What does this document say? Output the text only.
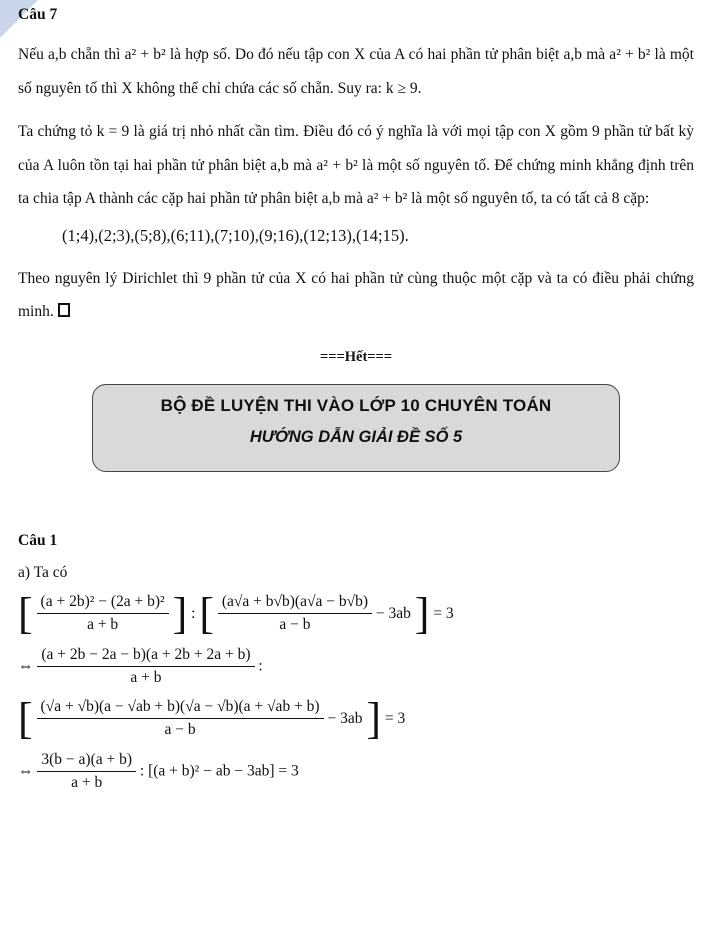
Câu 7

Nếu a,b chẵn thì a² + b² là hợp số. Do đó nếu tập con X của A có hai phần tử phân biệt a,b mà a² + b² là một số nguyên tố thì X không thể chỉ chứa các số chẵn. Suy ra: k ≥ 9.

Ta chứng tỏ k = 9 là giá trị nhỏ nhất cần tìm. Điều đó có ý nghĩa là với mọi tập con X gồm 9 phần tử bất kỳ của A luôn tồn tại hai phần tử phân biệt a,b mà a² + b² là một số nguyên tố. Để chứng minh khẳng định trên ta chia tập A thành các cặp hai phần tử phân biệt a,b mà a² + b² là một số nguyên tố, ta có tất cả 8 cặp:

(1;4),(2;3),(5;8),(6;11),(7;10),(9;16),(12;13),(14;15).

Theo nguyên lý Dirichlet thì 9 phần tử của X có hai phần tử cùng thuộc một cặp và ta có điều phải chứng minh.

===Hết===
BỘ ĐỀ LUYỆN THI VÀO LỚP 10 CHUYÊN TOÁN
HƯỚNG DẪN GIẢI ĐỀ SỐ 5
Câu 1
a) Ta có
[ $\frac{\text{(a + 2b)² − (2a + b)²}}{a + b}$ ] : [ $\frac{(a√a + b√b)(a√a - b√b)}{a - b} - 3ab$ ] = 3
⇔ $\frac{(a + 2b - 2a - b)(a + 2b + 2a + b)}{a + b}$ :
[ $\frac{(√a + √b)(a - √ab + b)(√a - √b)(a + √ab + b)}{a - b} - 3ab$ ] = 3
⇔ $\frac{3(b - a)(a + b)}{a + b}$ : [(a + b)² − ab − 3ab] = 3
